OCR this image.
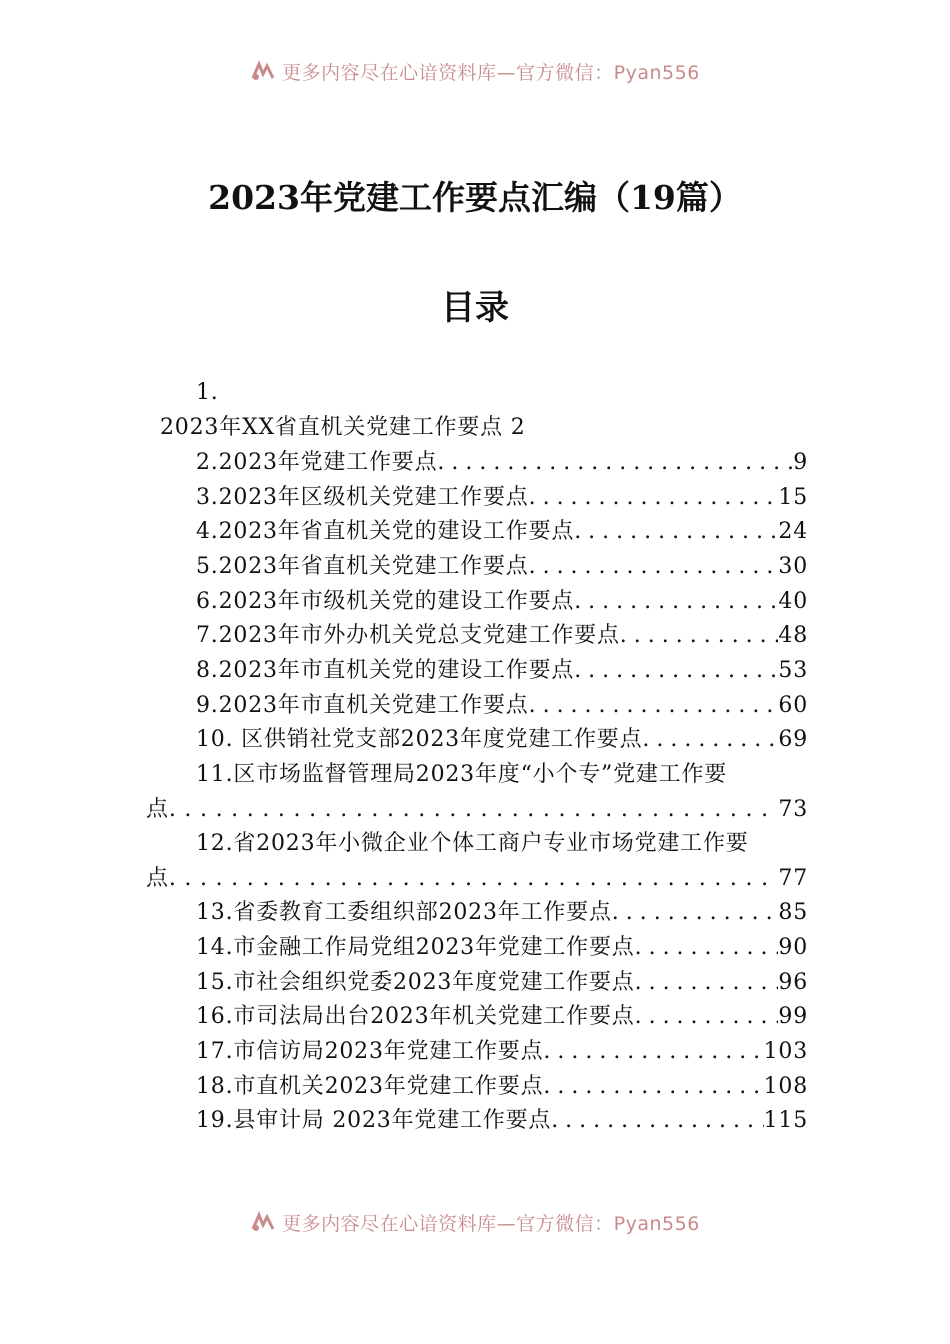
更多内容尽在心谙资料库—官方微信：Pyan556
2023年党建工作要点汇编（19篇）
目录
1.
2023年XX省直机关党建工作要点 2
2. 2023年党建工作要点 . . .	9
3. 2023年区级机关党建工作要点 . . .	15
4. 2023年省直机关党的建设工作要点 . . .	24
5. 2023年省直机关党建工作要点 . . .	30
6. 2023年市级机关党的建设工作要点 . . .	40
7. 2023年市外办机关党总支党建工作要点 . . .	48
8. 2023年市直机关党的建设工作要点 . . .	53
9. 2023年市直机关党建工作要点 . . .	60
10. 区供销社党支部2023年度党建工作要点 . . .	69
11.区市场监督管理局2023年度“小个专”党建工作要
点 . . .	73
12.省2023年小微企业个体工商户专业市场党建工作要
点 . . .	77
13. 省委教育工委组织部2023年工作要点 . . .	85
14. 市金融工作局党组2023年党建工作要点 . . .	90
15. 市社会组织党委2023年度党建工作要点 . . .	96
16. 市司法局出台2023年机关党建工作要点 . . .	99
17. 市信访局2023年党建工作要点 . . .	103
18. 市直机关2023年党建工作要点 . . .	108
19. 县审计局 2023年党建工作要点 . . .	115
更多内容尽在心谙资料库—官方微信：Pyan556
